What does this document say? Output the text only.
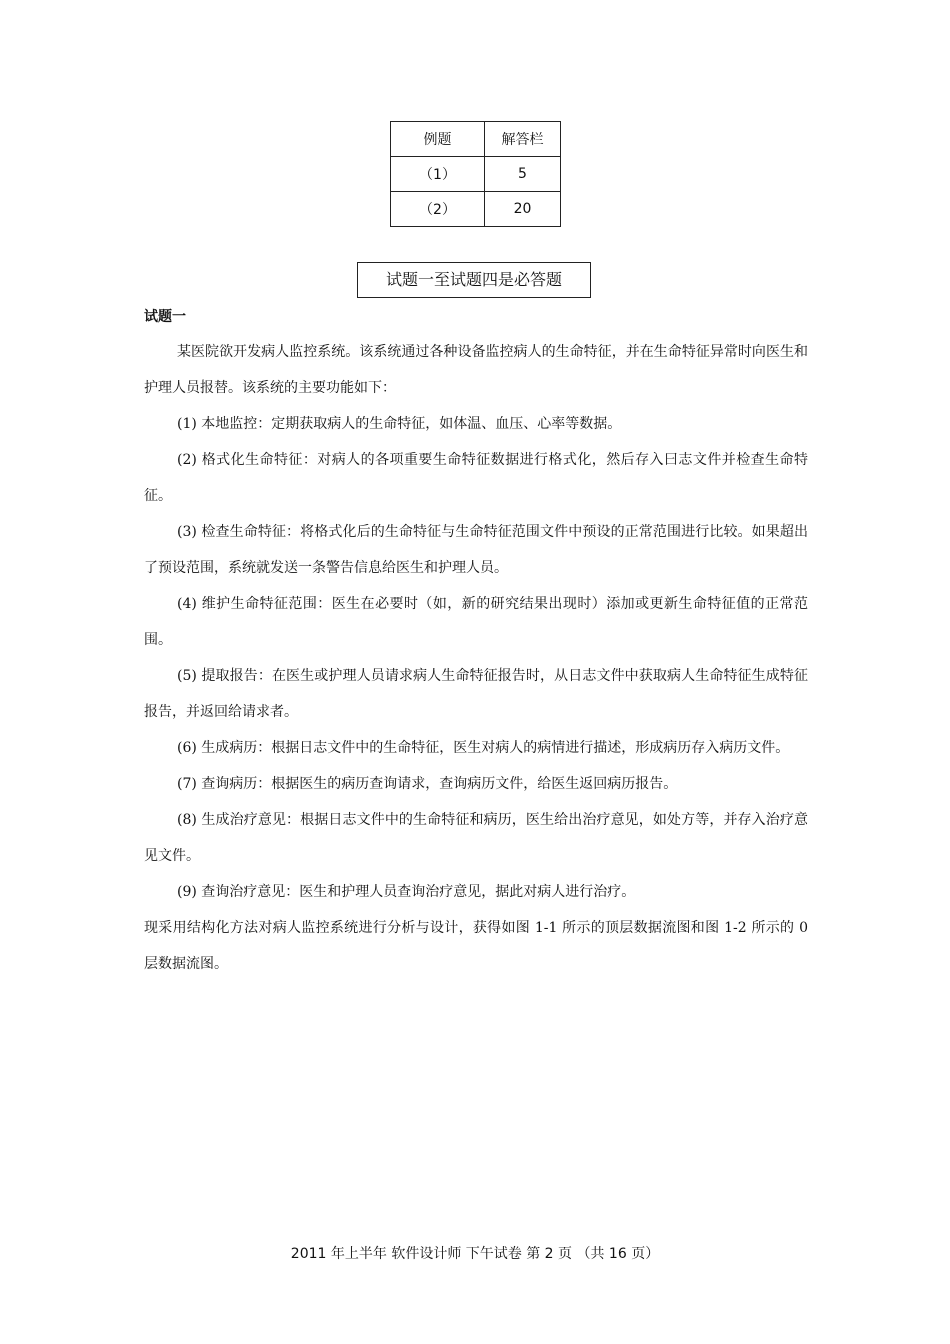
例题	解答栏
（1）	5
（2）	20
试题一至试题四是必答题
试题一

某医院欲开发病人监控系统。该系统通过各种设备监控病人的生命特征，并在生命特征异常时向医生和护理人员报替。该系统的主要功能如下：

(1) 本地监控：定期获取病人的生命特征，如体温、血压、心率等数据。

(2) 格式化生命特征：对病人的各项重要生命特征数据进行格式化，然后存入曰志文件并检查生命特征。

(3) 检查生命特征：将格式化后的生命特征与生命特征范围文件中预设的正常范围进行比较。如果超出了预设范围，系统就发送一条警告信息给医生和护理人员。

(4) 维护生命特征范围：医生在必要时（如，新的研究结果出现时）添加或更新生命特征值的正常范围。

(5) 提取报告：在医生或护理人员请求病人生命特征报告时，从日志文件中获取病人生命特征生成特征报告，并返回给请求者。

(6) 生成病历：根据日志文件中的生命特征，医生对病人的病情进行描述，形成病历存入病历文件。

(7) 查询病历：根据医生的病历查询请求，查询病历文件，给医生返回病历报告。

(8) 生成治疗意见：根据日志文件中的生命特征和病历，医生给出治疗意见，如处方等，并存入治疗意见文件。

(9) 查询治疗意见：医生和护理人员查询治疗意见，据此对病人进行治疗。

现采用结构化方法对病人监控系统进行分析与设计，获得如图 1-1 所示的顶层数据流图和图 1-2 所示的 0 层数据流图。

2011 年上半年 软件设计师 下午试卷 第 2 页 （共 16 页）
